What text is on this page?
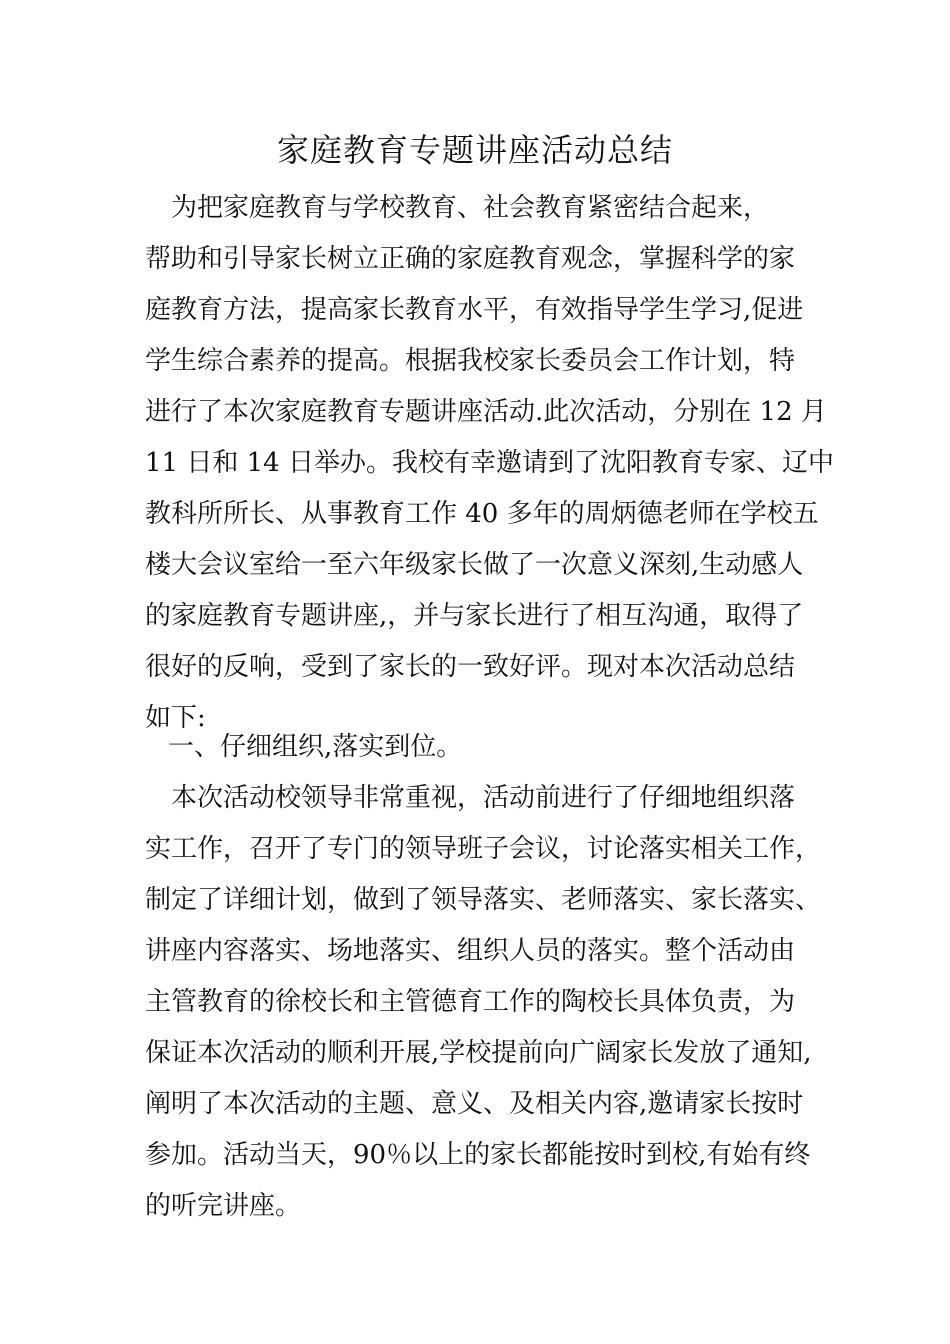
家庭教育专题讲座活动总结
　为把家庭教育与学校教育、社会教育紧密结合起来，
帮助和引导家长树立正确的家庭教育观念，掌握科学的家
庭教育方法，提高家长教育水平，有效指导学生学习,促进
学生综合素养的提高。根据我校家长委员会工作计划，特
进行了本次家庭教育专题讲座活动.此次活动，分别在 12 月
11 日和 14 日举办。我校有幸邀请到了沈阳教育专家、辽中
教科所所长、从事教育工作 40 多年的周炳德老师在学校五
楼大会议室给一至六年级家长做了一次意义深刻,生动感人
的家庭教育专题讲座,，并与家长进行了相互沟通，取得了
很好的反响，受到了家长的一致好评。现对本次活动总结
如下:
一、仔细组织,落实到位。
　本次活动校领导非常重视，活动前进行了仔细地组织落
实工作，召开了专门的领导班子会议，讨论落实相关工作，
制定了详细计划，做到了领导落实、老师落实、家长落实、
讲座内容落实、场地落实、组织人员的落实。整个活动由
主管教育的徐校长和主管德育工作的陶校长具体负责，为
保证本次活动的顺利开展,学校提前向广阔家长发放了通知,
阐明了本次活动的主题、意义、及相关内容,邀请家长按时
参加。活动当天，90％以上的家长都能按时到校,有始有终
的听完讲座。
